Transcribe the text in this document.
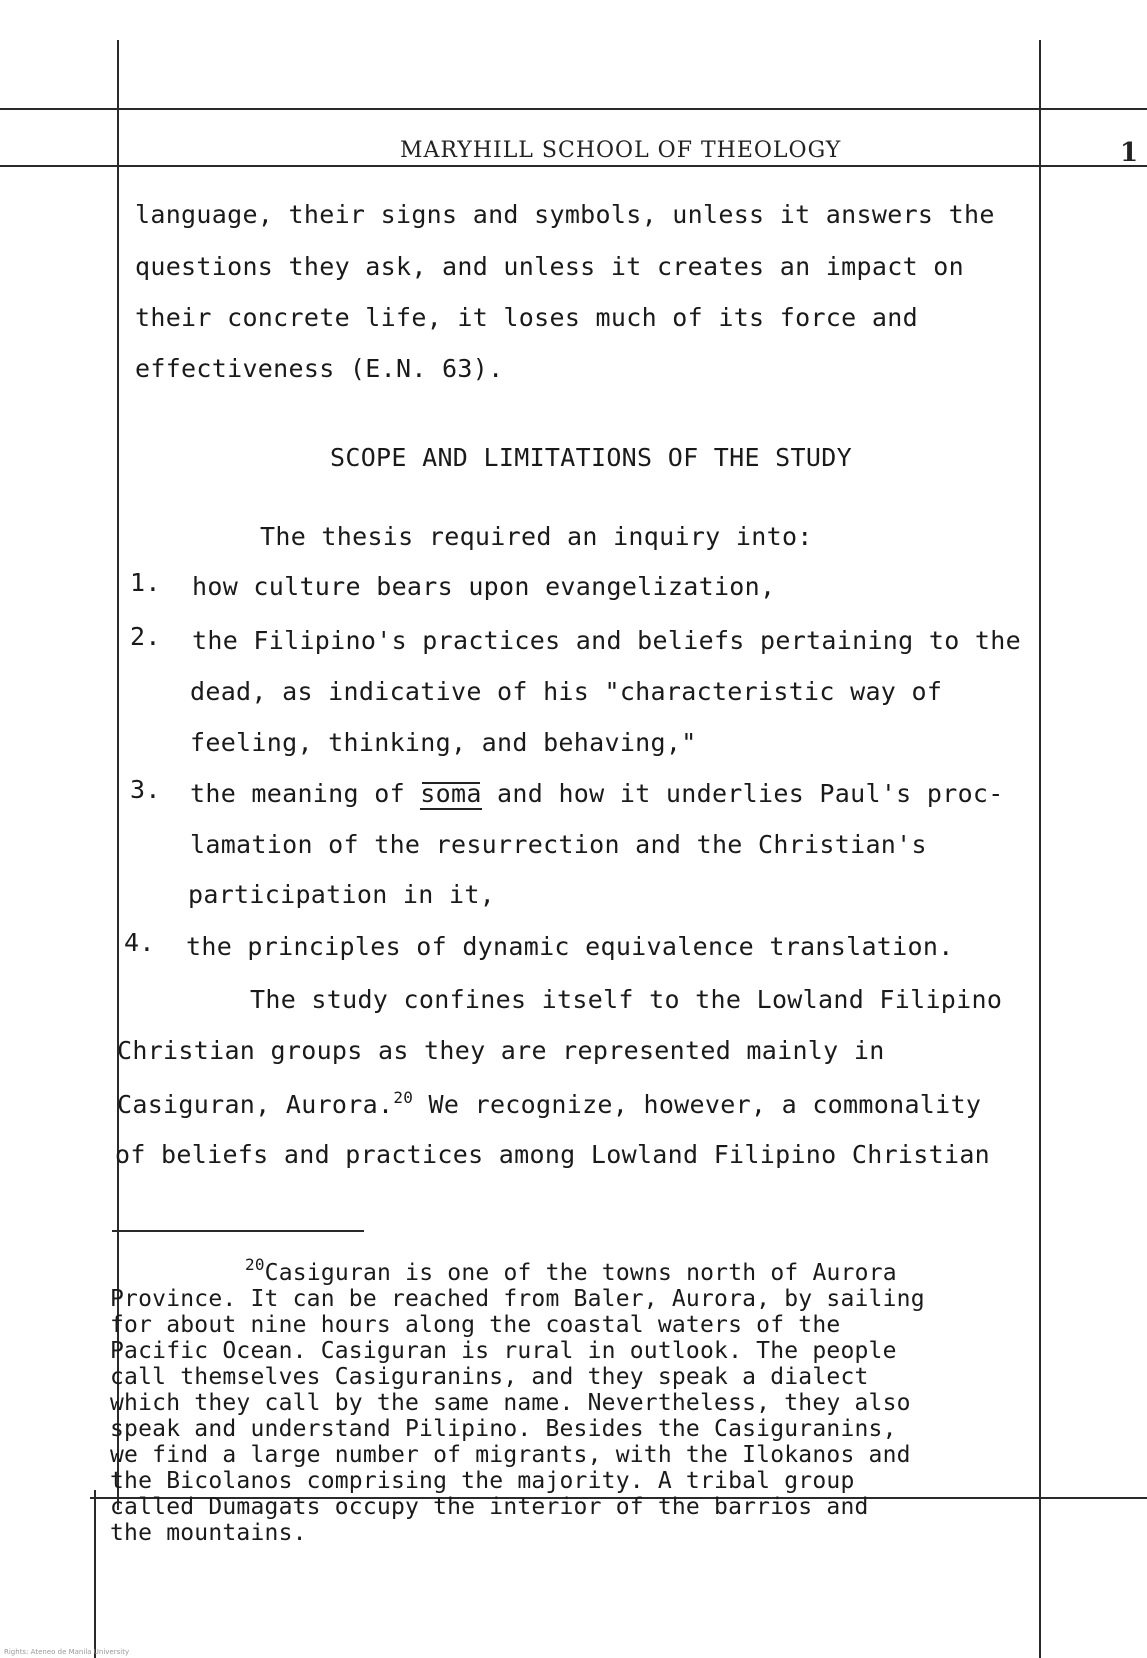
MARYHILL SCHOOL OF THEOLOGY	1
language, their signs and symbols, unless it answers the
questions they ask, and unless it creates an impact on
their concrete life, it loses much of its force and
effectiveness (E.N. 63).
SCOPE AND LIMITATIONS OF THE STUDY
The thesis required an inquiry into:
1. how culture bears upon evangelization,
2. the Filipino's practices and beliefs pertaining to the
dead, as indicative of his "characteristic way of
feeling, thinking, and behaving,"
3. the meaning of soma and how it underlies Paul's proc-
lamation of the resurrection and the Christian's
participation in it,
4. the principles of dynamic equivalence translation.
The study confines itself to the Lowland Filipino
Christian groups as they are represented mainly in
Casiguran, Aurora.$^{20}$ We recognize, however, a commonality
of beliefs and practices among Lowland Filipino Christian
$^{20}$Casiguran is one of the towns north of Aurora
Province. It can be reached from Baler, Aurora, by sailing
for about nine hours along the coastal waters of the
Pacific Ocean. Casiguran is rural in outlook. The people
call themselves Casiguranins, and they speak a dialect
which they call by the same name. Nevertheless, they also
speak and understand Pilipino. Besides the Casiguranins,
we find a large number of migrants, with the Ilokanos and
the Bicolanos comprising the majority. A tribal group
called Dumagats occupy the interior of the barrios and
the mountains.
Rights: Ateneo de Manila University
